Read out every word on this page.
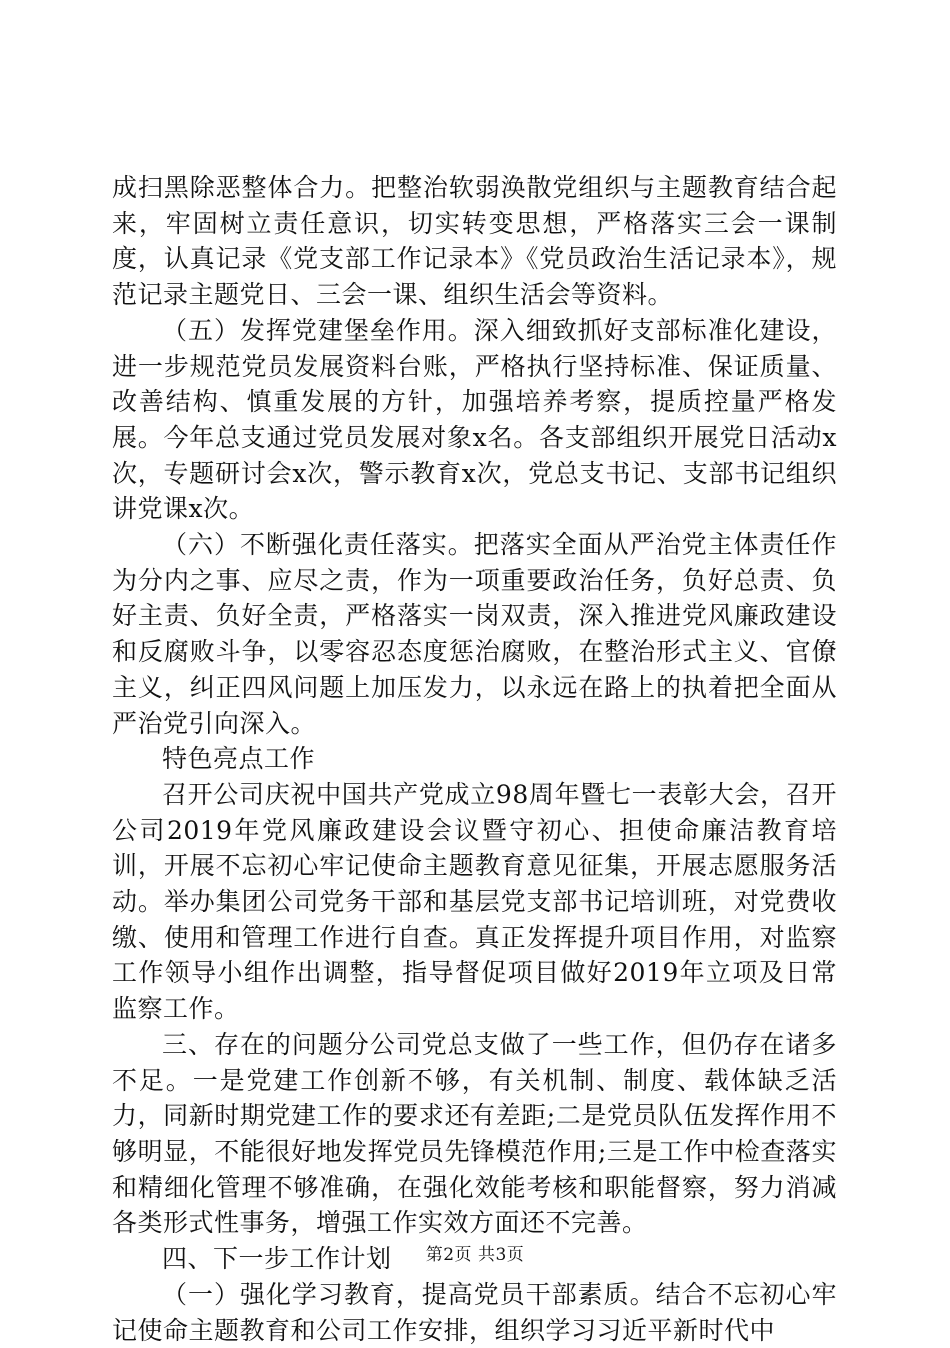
成扫黑除恶整体合力。把整治软弱涣散党组织与主题教育结合起来，牢固树立责任意识，切实转变思想，严格落实三会一课制度，认真记录《党支部工作记录本》《党员政治生活记录本》，规范记录主题党日、三会一课、组织生活会等资料。

（五）发挥党建堡垒作用。深入细致抓好支部标准化建设，进一步规范党员发展资料台账，严格执行坚持标准、保证质量、改善结构、慎重发展的方针，加强培养考察，提质控量严格发展。今年总支通过党员发展对象x名。各支部组织开展党日活动x次，专题研讨会x次，警示教育x次，党总支书记、支部书记组织讲党课x次。

（六）不断强化责任落实。把落实全面从严治党主体责任作为分内之事、应尽之责，作为一项重要政治任务，负好总责、负好主责、负好全责，严格落实一岗双责，深入推进党风廉政建设和反腐败斗争，以零容忍态度惩治腐败，在整治形式主义、官僚主义，纠正四风问题上加压发力，以永远在路上的执着把全面从严治党引向深入。

特色亮点工作

召开公司庆祝中国共产党成立98周年暨七一表彰大会，召开公司2019年党风廉政建设会议暨守初心、担使命廉洁教育培训，开展不忘初心牢记使命主题教育意见征集，开展志愿服务活动。举办集团公司党务干部和基层党支部书记培训班，对党费收缴、使用和管理工作进行自查。真正发挥提升项目作用，对监察工作领导小组作出调整，指导督促项目做好2019年立项及日常监察工作。

三、存在的问题分公司党总支做了一些工作，但仍存在诸多不足。一是党建工作创新不够，有关机制、制度、载体缺乏活力，同新时期党建工作的要求还有差距;二是党员队伍发挥作用不够明显，不能很好地发挥党员先锋模范作用;三是工作中检查落实和精细化管理不够准确，在强化效能考核和职能督察，努力消减各类形式性事务，增强工作实效方面还不完善。

四、下一步工作计划

（一）强化学习教育，提高党员干部素质。结合不忘初心牢记使命主题教育和公司工作安排，组织学习习近平新时代中

第2页 共3页
